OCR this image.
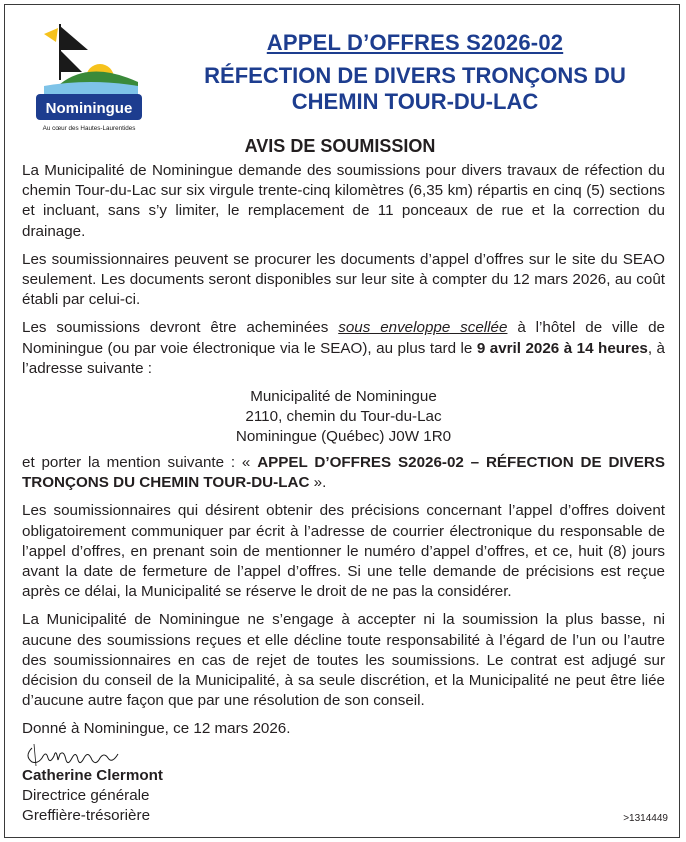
Nominingue
Au cœur des Hautes-Laurentides
APPEL D’OFFRES S2026-02
RÉFECTION DE DIVERS TRONÇONS DU CHEMIN TOUR-DU-LAC
AVIS DE SOUMISSION

La Municipalité de Nominingue demande des soumissions pour divers travaux de réfection du chemin Tour-du-Lac sur six virgule trente-cinq kilomètres (6,35 km) répartis en cinq (5) sections et incluant, sans s’y limiter, le remplacement de 11 ponceaux de rue et la correction du drainage.

Les soumissionnaires peuvent se procurer les documents d’appel d’offres sur le site du SEAO seulement. Les documents seront disponibles sur leur site à compter du 12 mars 2026, au coût établi par celui-ci.

Les soumissions devront être acheminées sous enveloppe scellée à l’hôtel de ville de Nominingue (ou par voie électronique via le SEAO), au plus tard le 9 avril 2026 à 14 heures, à l’adresse suivante :

Municipalité de Nominingue
2110, chemin du Tour-du-Lac
Nominingue (Québec) J0W 1R0

et porter la mention suivante : « APPEL D’OFFRES S2026-02 – RÉFECTION DE DIVERS TRONÇONS DU CHEMIN TOUR-DU-LAC ».

Les soumissionnaires qui désirent obtenir des précisions concernant l’appel d’offres doivent obligatoirement communiquer par écrit à l’adresse de courrier électronique du responsable de l’appel d’offres, en prenant soin de mentionner le numéro d’appel d’offres, et ce, huit (8) jours avant la date de fermeture de l’appel d’offres. Si une telle demande de précisions est reçue après ce délai, la Municipalité se réserve le droit de ne pas la considérer.

La Municipalité de Nominingue ne s’engage à accepter ni la soumission la plus basse, ni aucune des soumissions reçues et elle décline toute responsabilité à l’égard de l’un ou l’autre des soumissionnaires en cas de rejet de toutes les soumissions. Le contrat est adjugé sur décision du conseil de la Municipalité, à sa seule discrétion, et la Municipalité ne peut être liée d’aucune autre façon que par une résolution de son conseil.

Donné à Nominingue, ce 12 mars 2026.

Catherine Clermont

Directrice générale

Greffière-trésorière	>1314449
